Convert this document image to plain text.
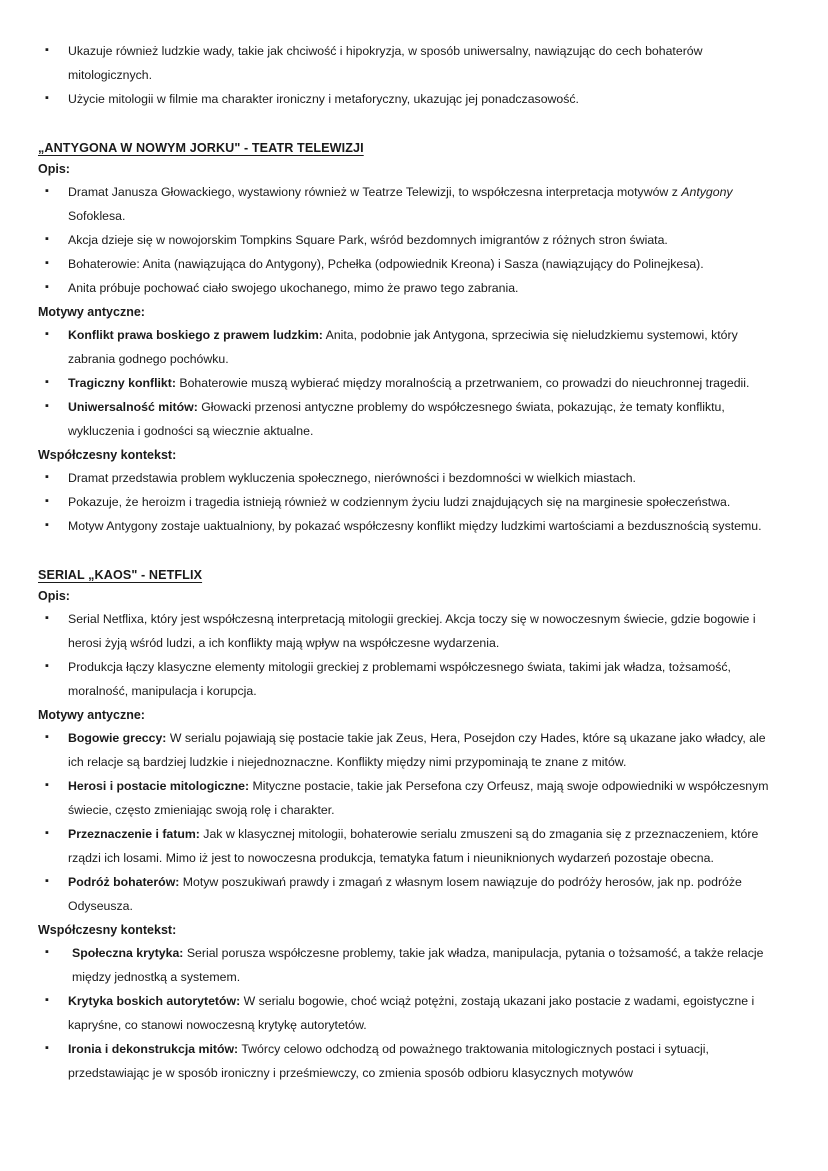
▪	Ukazuje również ludzkie wady, takie jak chciwość i hipokryzja, w sposób uniwersalny, nawiązując do cech bohaterów mitologicznych.
▪	Użycie mitologii w filmie ma charakter ironiczny i metaforyczny, ukazując jej ponadczasowość.
„ANTYGONA W NOWYM JORKU" - TEATR TELEWIZJI
Opis:
▪	Dramat Janusza Głowackiego, wystawiony również w Teatrze Telewizji, to współczesna interpretacja motywów z Antygony Sofoklesa.
▪	Akcja dzieje się w nowojorskim Tompkins Square Park, wśród bezdomnych imigrantów z różnych stron świata.
▪	Bohaterowie: Anita (nawiązująca do Antygony), Pchełka (odpowiednik Kreona) i Sasza (nawiązujący do Polinejkesa).
▪	Anita próbuje pochować ciało swojego ukochanego, mimo że prawo tego zabrania.
Motywy antyczne:
▪	Konflikt prawa boskiego z prawem ludzkim: Anita, podobnie jak Antygona, sprzeciwia się nieludzkiemu systemowi, który zabrania godnego pochówku.
▪	Tragiczny konflikt: Bohaterowie muszą wybierać między moralnością a przetrwaniem, co prowadzi do nieuchronnej tragedii.
▪	Uniwersalność mitów: Głowacki przenosi antyczne problemy do współczesnego świata, pokazując, że tematy konfliktu, wykluczenia i godności są wiecznie aktualne.
Współczesny kontekst:
▪	Dramat przedstawia problem wykluczenia społecznego, nierówności i bezdomności w wielkich miastach.
▪	Pokazuje, że heroizm i tragedia istnieją również w codziennym życiu ludzi znajdujących się na marginesie społeczeństwa.
▪	Motyw Antygony zostaje uaktualniony, by pokazać współczesny konflikt między ludzkimi wartościami a bezdusznością systemu.
SERIAL „KAOS" - NETFLIX
Opis:
▪	Serial Netflixa, który jest współczesną interpretacją mitologii greckiej. Akcja toczy się w nowoczesnym świecie, gdzie bogowie i herosi żyją wśród ludzi, a ich konflikty mają wpływ na współczesne wydarzenia.
▪	Produkcja łączy klasyczne elementy mitologii greckiej z problemami współczesnego świata, takimi jak władza, tożsamość, moralność, manipulacja i korupcja.
Motywy antyczne:
▪	Bogowie greccy: W serialu pojawiają się postacie takie jak Zeus, Hera, Posejdon czy Hades, które są ukazane jako władcy, ale ich relacje są bardziej ludzkie i niejednoznaczne. Konflikty między nimi przypominają te znane z mitów.
▪	Herosi i postacie mitologiczne: Mityczne postacie, takie jak Persefona czy Orfeusz, mają swoje odpowiedniki w współczesnym świecie, często zmieniając swoją rolę i charakter.
▪	Przeznaczenie i fatum: Jak w klasycznej mitologii, bohaterowie serialu zmuszeni są do zmagania się z przeznaczeniem, które rządzi ich losami. Mimo iż jest to nowoczesna produkcja, tematyka fatum i nieuniknionych wydarzeń pozostaje obecna.
▪	Podróż bohaterów: Motyw poszukiwań prawdy i zmagań z własnym losem nawiązuje do podróży herosów, jak np. podróże Odyseusza.
Współczesny kontekst:
▪	Społeczna krytyka: Serial porusza współczesne problemy, takie jak władza, manipulacja, pytania o tożsamość, a także relacje między jednostką a systemem.
▪	Krytyka boskich autorytetów: W serialu bogowie, choć wciąż potężni, zostają ukazani jako postacie z wadami, egoistyczne i kapryśne, co stanowi nowoczesną krytykę autorytetów.
▪	Ironia i dekonstrukcja mitów: Twórcy celowo odchodzą od poważnego traktowania mitologicznych postaci i sytuacji, przedstawiając je w sposób ironiczny i prześmiewczy, co zmienia sposób odbioru klasycznych motywów
